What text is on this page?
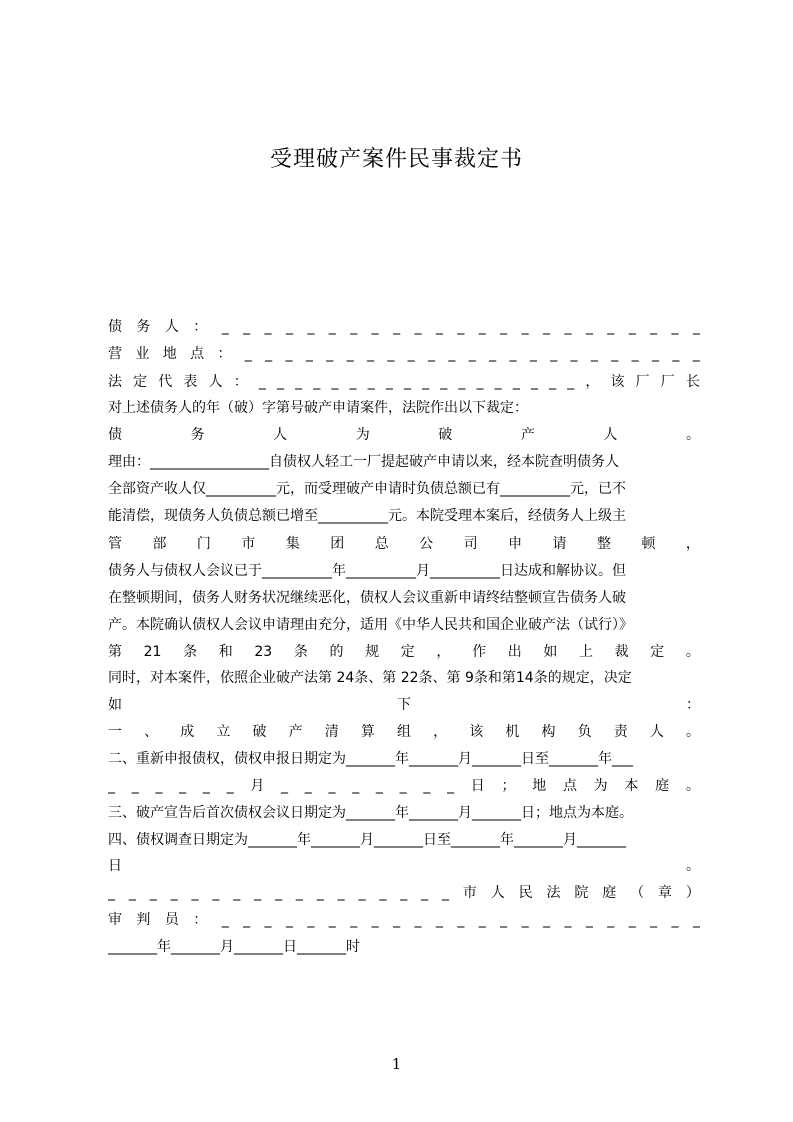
受理破产案件民事裁定书
债 务 人 ： _ _ _ _ _ _ _ _ _ _ _ _ _ _ _ _ _ _ _ _ _ _ _
营 业 地 点 ： _ _ _ _ _ _ _ _ _ _ _ _ _ _ _ _ _ _ _ _ _ _ _
法 定 代 表 人 ： _ _ _ _ _ _ _ _ _ _ _ _ _ _ _ _ _ _ ， 该 厂 厂 长
对上述债务人的年（破）字第号破产申请案件，法院作出以下裁定：
债	务	人	为	破	产	人	。
理由：_________________自债权人轻工一厂提起破产申请以来，经本院查明债务人
全部资产收人仅__________元，而受理破产申请时负债总额已有__________元，已不
能清偿，现债务人负债总额已增至__________元。本院受理本案后，经债务人上级主
管 部 门 市 集 团 总 公 司 申 请 整 顿 ，
债务人与债权人会议已于__________年__________月__________日达成和解协议。但
在整顿期间，债务人财务状况继续恶化，债权人会议重新申请终结整顿宣告债务人破
产。本院确认债权人会议申请理由充分，适用《中华人民共和国企业破产法（试行）》
第 21 条 和 23 条 的 规 定 ， 作 出 如 上 裁 定 。
同时，对本案件，依照企业破产法第 24条、第 22条、第 9条和第14条的规定，决定
如	下	：
一 、 成 立 破 产 清 算 组 ， 该 机 构 负 责 人 。
二、重新申报债权，债权申报日期定为_______年_______月_______日至_______年___
_ _ _ _ _ _ 月 _ _ _ _ _ _ _ _ 日 ； 地 点 为 本 庭 。
三、破产宣告后首次债权会议日期定为_______年_______月_______日；地点为本庭。
四、债权调查日期定为_______年_______月_______日至_______年_______月_______
日	。
_ _ _ _ _ _ _ _ _ _ _ _ _ _ _ _ _ 市 人 民 法 院 庭 （ 章 ）
审 判 员 ： _ _ _ _ _ _ _ _ _ _ _ _ _ _ _ _ _ _ _ _ _ _ _
_______年_______月_______日_______时
1
